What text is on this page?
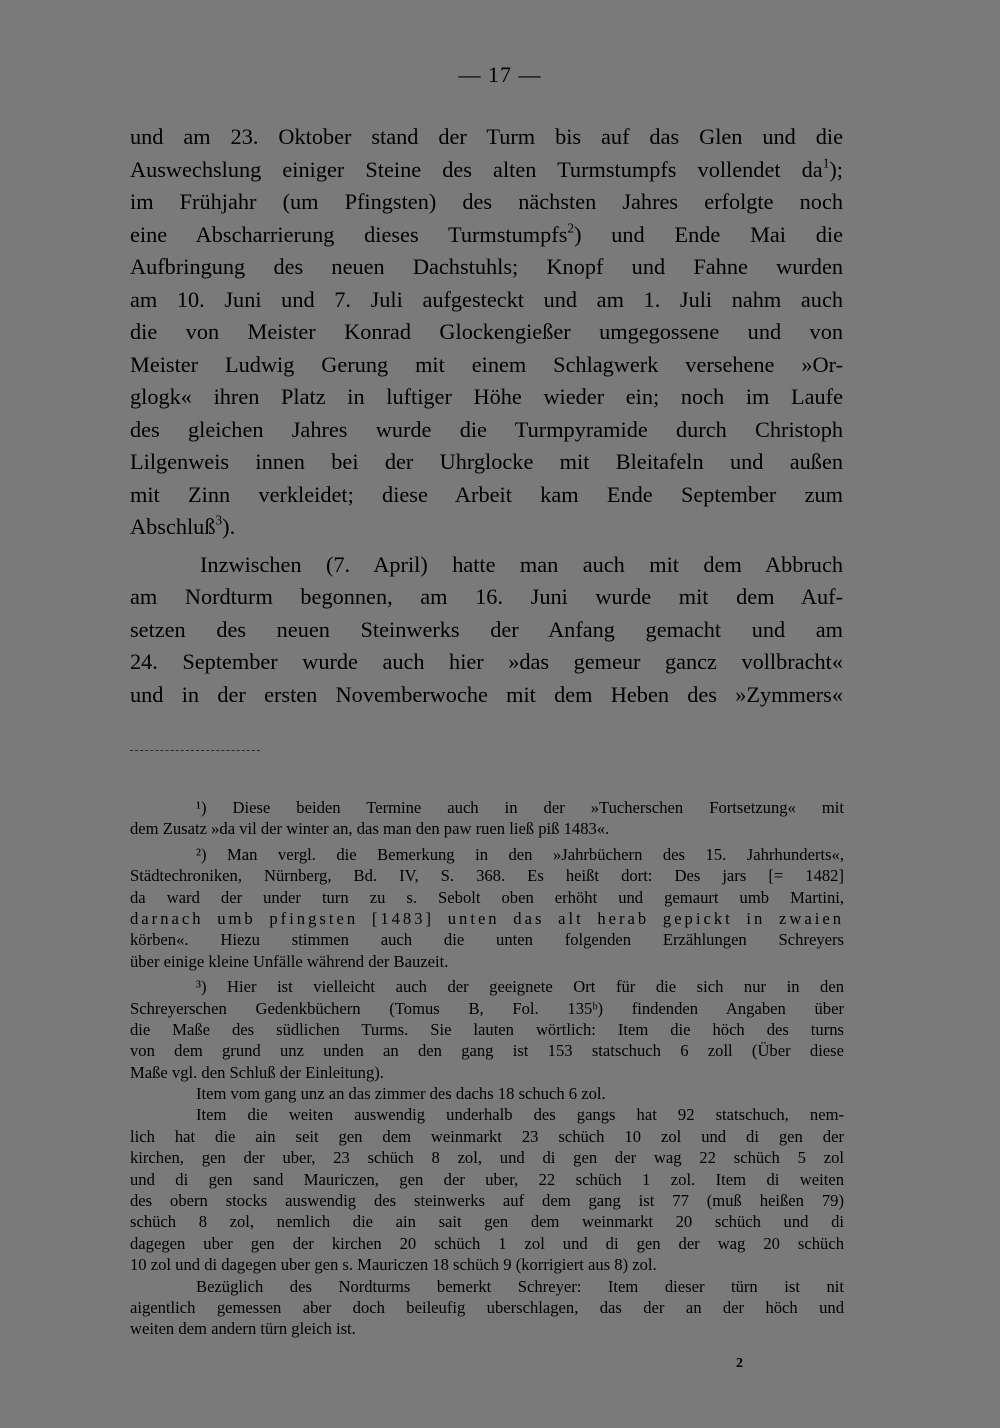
— 17 —
und am 23. Oktober stand der Turm bis auf das Glen und die
Auswechslung einiger Steine des alten Turmstumpfs vollendet $da^1$);
im Frühjahr (um Pfingsten) des nächsten Jahres erfolgte noch
eine Abscharrierung dieses Turmstumpfs$^2$) und Ende Mai die
Aufbringung des neuen Dachstuhls; Knopf und Fahne wurden
am 10. Juni und 7. Juli aufgesteckt und am 1. Juli nahm auch
die von Meister Konrad Glockengießer umgegossene und von
Meister Ludwig Gerung mit einem Schlagwerk versehene »Or-
glogk« ihren Platz in luftiger Höhe wieder ein; noch im Laufe
des gleichen Jahres wurde die Turmpyramide durch Christoph
Lilgenweis innen bei der Uhrglocke mit Bleitafeln und außen
mit Zinn verkleidet; diese Arbeit kam Ende September zum
Abschluß$^3$).
Inzwischen (7. April) hatte man auch mit dem Abbruch
am Nordturm begonnen, am 16. Juni wurde mit dem Auf-
setzen des neuen Steinwerks der Anfang gemacht und am
24. September wurde auch hier »das gemeur gancz vollbracht«
und in der ersten Novemberwoche mit dem Heben des »Zymmers«
¹) Diese beiden Termine auch in der »Tucherschen Fortsetzung« mit
dem Zusatz »da vil der winter an, das man den paw ruen ließ piß 1483«.
²) Man vergl. die Bemerkung in den »Jahrbüchern des 15. Jahrhunderts«,
Städtechroniken, Nürnberg, Bd. IV, S. 368. Es heißt dort: Des jars [= 1482]
da ward der under turn zu s. Sebolt oben erhöht und gemaurt umb Martini,
darnach umb pfingsten [1483] unten das alt herab gepickt in zwaien
körben«. Hiezu stimmen auch die unten folgenden Erzählungen Schreyers
über einige kleine Unfälle während der Bauzeit.
³) Hier ist vielleicht auch der geeignete Ort für die sich nur in den
Schreyerschen Gedenkbüchern (Tomus B, Fol. 135ᵇ) findenden Angaben über
die Maße des südlichen Turms. Sie lauten wörtlich: Item die höch des turns
von dem grund unz unden an den gang ist 153 statschuch 6 zoll (Über diese
Maße vgl. den Schluß der Einleitung).
Item vom gang unz an das zimmer des dachs 18 schuch 6 zol.
Item die weiten auswendig underhalb des gangs hat 92 statschuch, nem-
lich hat die ain seit gen dem weinmarkt 23 schüch 10 zol und di gen der
kirchen, gen der uber, 23 schüch 8 zol, und di gen der wag 22 schüch 5 zol
und di gen sand Mauriczen, gen der uber, 22 schüch 1 zol. Item di weiten
des obern stocks auswendig des steinwerks auf dem gang ist 77 (muß heißen 79)
schüch 8 zol, nemlich die ain sait gen dem weinmarkt 20 schüch und di
dagegen uber gen der kirchen 20 schüch 1 zol und di gen der wag 20 schüch
10 zol und di dagegen uber gen s. Mauriczen 18 schüch 9 (korrigiert aus 8) zol.
Bezüglich des Nordturms bemerkt Schreyer: Item dieser türn ist nit
aigentlich gemessen aber doch beileufig uberschlagen, das der an der höch und
weiten dem andern türn gleich ist.
2
